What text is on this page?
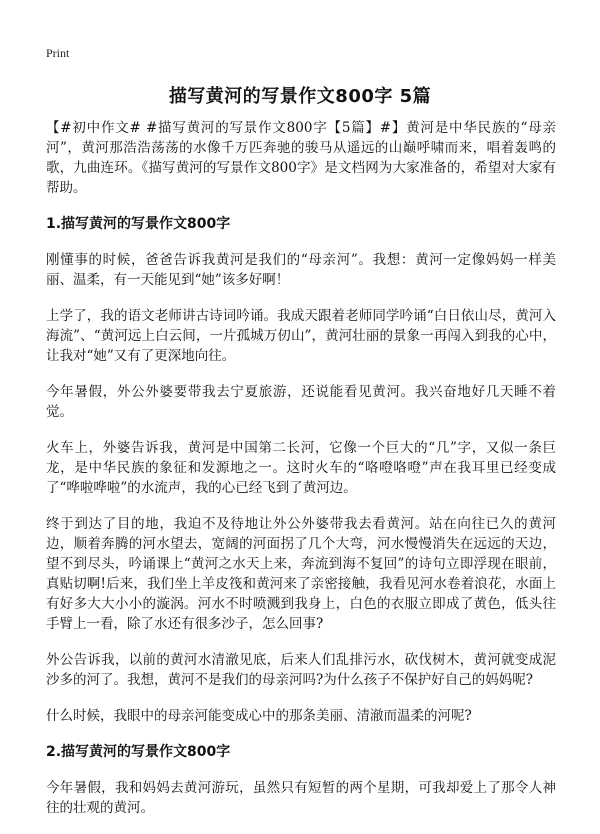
Print
描写黄河的写景作文800字 5篇

【#初中作文# #描写黄河的写景作文800字【5篇】#】黄河是中华民族的“母亲河”，黄河那浩浩荡荡的水像千万匹奔驰的骏马从遥远的山巅呼啸而来，唱着轰鸣的歌，九曲连环。《描写黄河的写景作文800字》是文档网为大家准备的，希望对大家有帮助。

1.描写黄河的写景作文800字

刚懂事的时候，爸爸告诉我黄河是我们的“母亲河”。我想：黄河一定像妈妈一样美丽、温柔，有一天能见到“她”该多好啊！

上学了，我的语文老师讲古诗词吟诵。我成天跟着老师同学吟诵“白日依山尽，黄河入海流”、“黄河远上白云间，一片孤城万仞山”，黄河壮丽的景象一再闯入到我的心中，让我对“她”又有了更深地向往。

今年暑假，外公外婆要带我去宁夏旅游，还说能看见黄河。我兴奋地好几天睡不着觉。

火车上，外婆告诉我，黄河是中国第二长河，它像一个巨大的“几”字，又似一条巨龙，是中华民族的象征和发源地之一。这时火车的“咯噔咯噔”声在我耳里已经变成了“哗啦哗啦”的水流声，我的心已经飞到了黄河边。

终于到达了目的地，我迫不及待地让外公外婆带我去看黄河。站在向往已久的黄河边，顺着奔腾的河水望去，宽阔的河面拐了几个大弯，河水慢慢消失在远远的天边，望不到尽头，吟诵课上“黄河之水天上来，奔流到海不复回”的诗句立即浮现在眼前，真贴切啊!后来，我们坐上羊皮筏和黄河来了亲密接触，我看见河水卷着浪花，水面上有好多大大小小的漩涡。河水不时喷溅到我身上，白色的衣服立即成了黄色，低头往手臂上一看，除了水还有很多沙子，怎么回事?

外公告诉我，以前的黄河水清澈见底，后来人们乱排污水，砍伐树木，黄河就变成泥沙多的河了。我想，黄河不是我们的母亲河吗?为什么孩子不保护好自己的妈妈呢?

什么时候，我眼中的母亲河能变成心中的那条美丽、清澈而温柔的河呢?

2.描写黄河的写景作文800字

今年暑假，我和妈妈去黄河游玩，虽然只有短暂的两个星期，可我却爱上了那令人神往的壮观的黄河。
